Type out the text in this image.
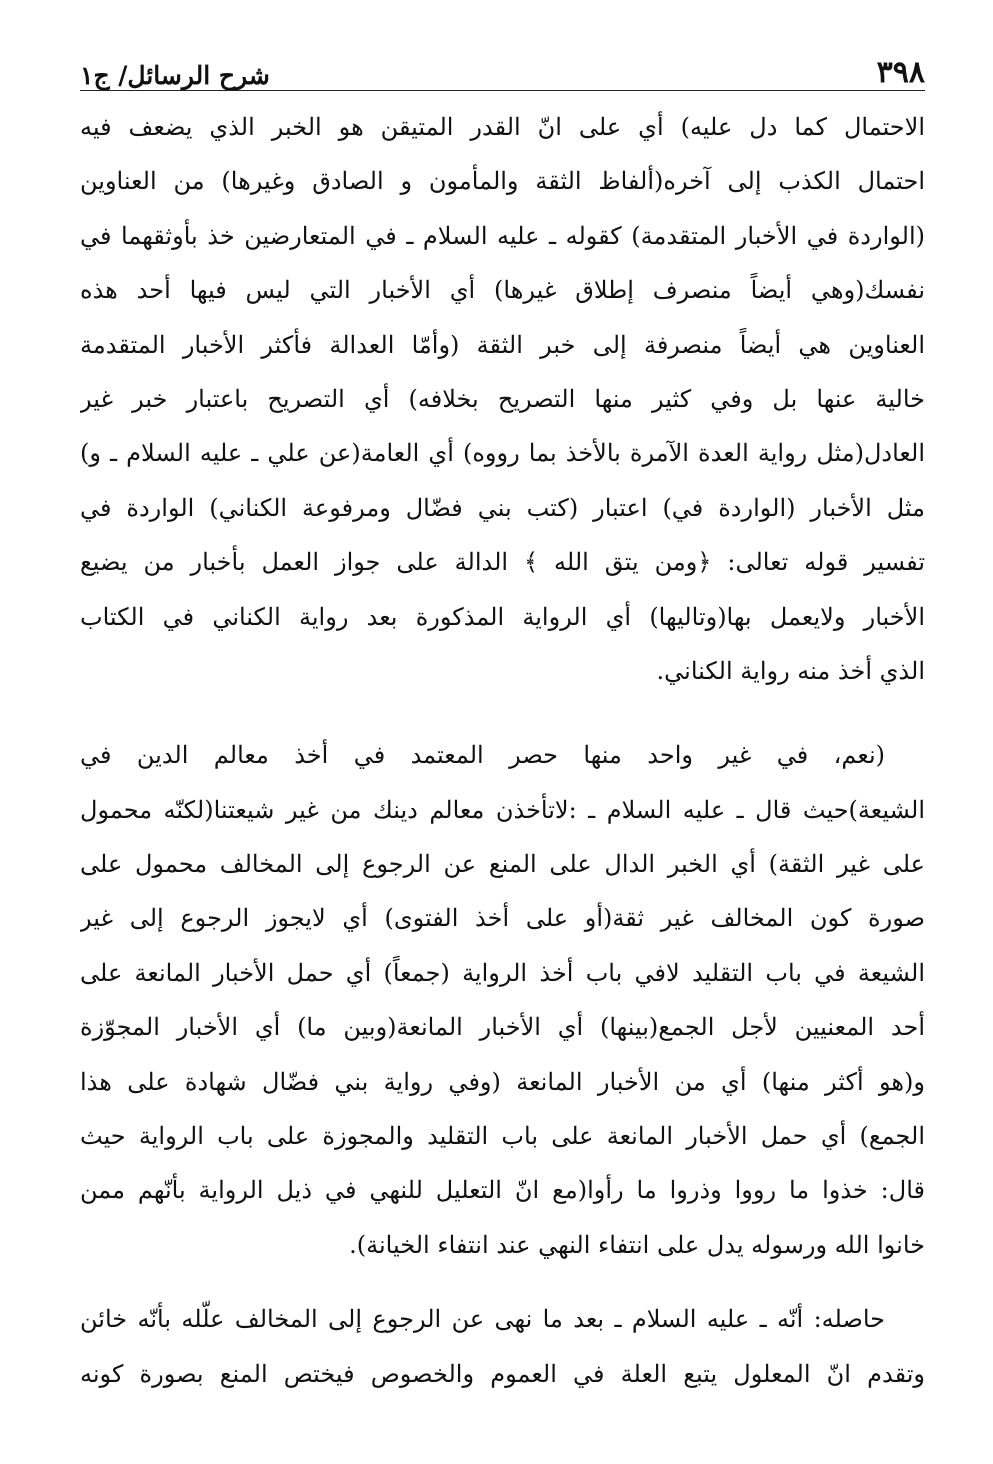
٣٩٨
شرح الرسائل/ ج١
الاحتمال كما دل عليه) أي على انّ القدر المتيقن هو الخبر الذي يضعف فيه
احتمال الكذب إلى آخره(ألفاظ الثقة والمأمون و الصادق وغيرها) من العناوين
(الواردة في الأخبار المتقدمة) كقوله ـ عليه السلام ـ في المتعارضين خذ بأوثقهما في
نفسك(وهي أيضاً منصرف إطلاق غيرها) أي الأخبار التي ليس فيها أحد هذه
العناوين هي أيضاً منصرفة إلى خبر الثقة (وأمّا العدالة فأكثر الأخبار المتقدمة
خالية عنها بل وفي كثير منها التصريح بخلافه) أي التصريح باعتبار خبر غير
العادل(مثل رواية العدة الآمرة بالأخذ بما رووه) أي العامة(عن علي ـ عليه السلام ـ و)
مثل الأخبار (الواردة في) اعتبار (كتب بني فضّال ومرفوعة الكناني) الواردة في
تفسير قوله تعالى: ﴿ومن يتق الله ﴾ الدالة على جواز العمل بأخبار من يضيع
الأخبار ولايعمل بها(وتاليها) أي الرواية المذكورة بعد رواية الكناني في الكتاب
الذي أخذ منه رواية الكناني.
(نعم، في غير واحد منها حصر المعتمد في أخذ معالم الدين في
الشيعة)حيث قال ـ عليه السلام ـ :لاتأخذن معالم دينك من غير شيعتنا(لكنّه محمول
على غير الثقة) أي الخبر الدال على المنع عن الرجوع إلى المخالف محمول على
صورة كون المخالف غير ثقة(أو على أخذ الفتوى) أي لايجوز الرجوع إلى غير
الشيعة في باب التقليد لافي باب أخذ الرواية (جمعاً) أي حمل الأخبار المانعة على
أحد المعنيين لأجل الجمع(بينها) أي الأخبار المانعة(وبين ما) أي الأخبار المجوّزة
و(هو أكثر منها) أي من الأخبار المانعة (وفي رواية بني فضّال شهادة على هذا
الجمع) أي حمل الأخبار المانعة على باب التقليد والمجوزة على باب الرواية حيث
قال: خذوا ما رووا وذروا ما رأوا(مع انّ التعليل للنهي في ذيل الرواية بأنّهم ممن
خانوا الله ورسوله يدل على انتفاء النهي عند انتفاء الخيانة).
حاصله: أنّه ـ عليه السلام ـ بعد ما نهى عن الرجوع إلى المخالف علّله بأنّه خائن
وتقدم انّ المعلول يتبع العلة في العموم والخصوص فيختص المنع بصورة كونه
